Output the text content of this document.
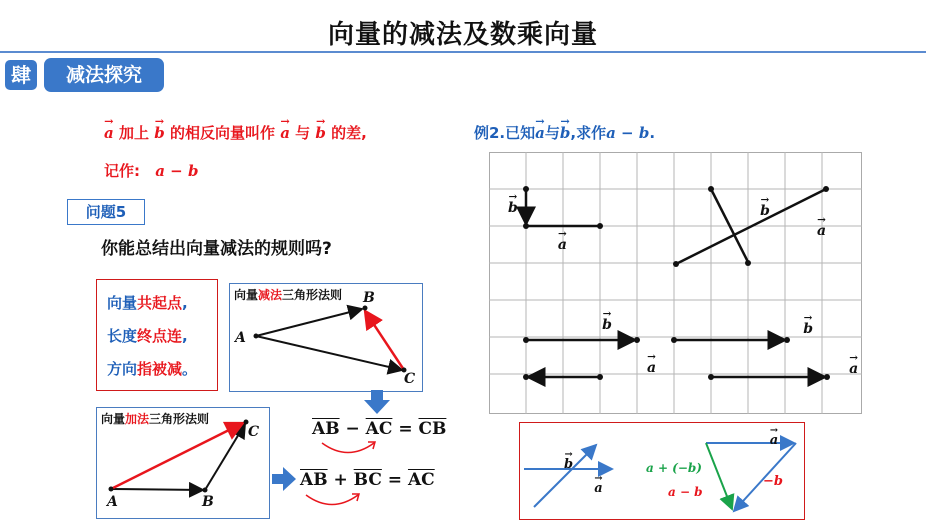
向量的减法及数乘向量
肆	减法探究
→ a 加上 → b 的相反向量叫作 → a 与 → b 的差,
记作: a − b
问题5
你能总结出向量减法的规则吗?
向量共起点,
长度终点连,
方向指被减。
向量减法三角形法则
A
B
C
向量加法三角形法则
A	B
C	$\overline{AB} - \overline{AC} = \overline{CB}$
$\overline{AB} + \overline{BC} = \overline{AC}$
例2.已知→ a与→ b,求作a − b.
→ b → a → b → a → b → a → b → a
→ b → a
a + (−b)
a − b
→ a
−b
